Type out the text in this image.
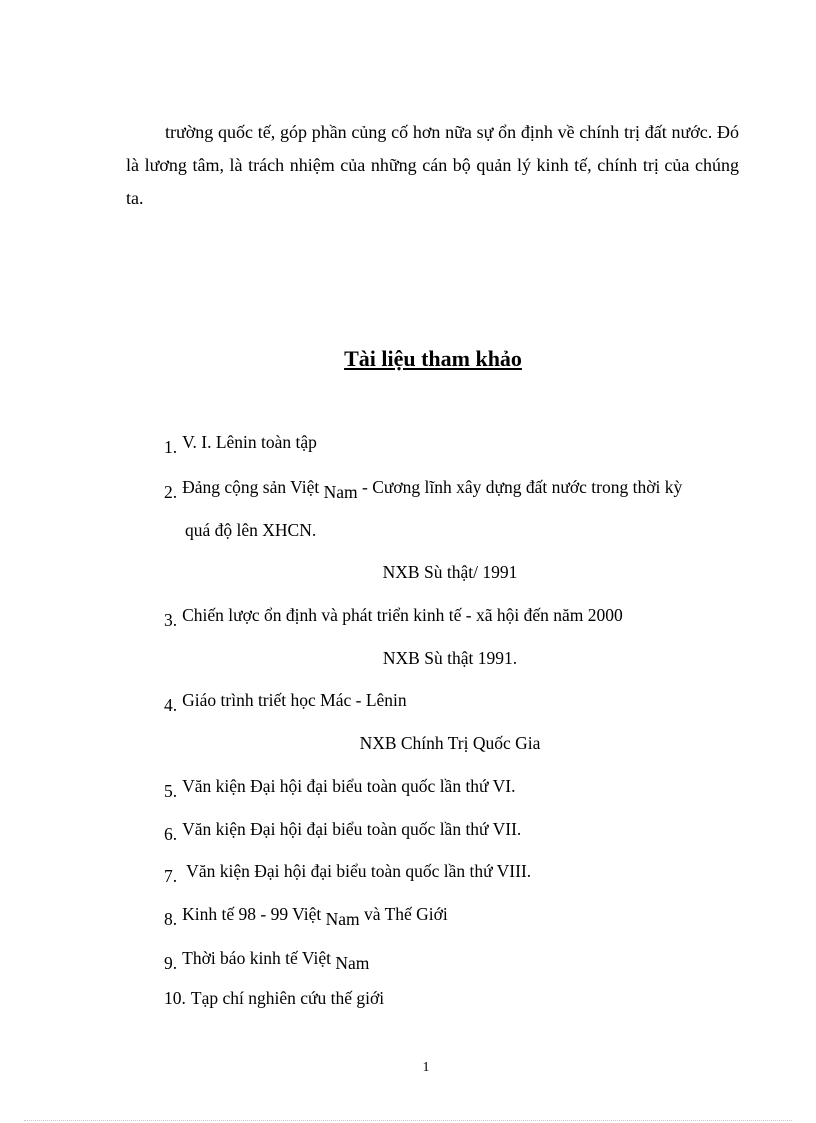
trường quốc tế, góp phần củng cố hơn nữa sự ổn định về chính trị đất nước. Đó là lương tâm, là trách nhiệm của những cán bộ quản lý kinh tế, chính trị của chúng ta.

Tài liệu tham khảo
1. V. I. Lênin toàn tập
2. Đảng cộng sản Việt Nam - Cương lĩnh xây dựng đất nước trong thời kỳ
quá độ lên XHCN.
NXB Sù thật/ 1991
3. Chiến lược ổn định và phát triển kinh tế - xã hội đến năm 2000
NXB Sù thật 1991.
4. Giáo trình triết học Mác - Lênin
NXB Chính Trị Quốc Gia
5. Văn kiện Đại hội đại biểu toàn quốc lần thứ VI.
6. Văn kiện Đại hội đại biểu toàn quốc lần thứ VII.
7. Văn kiện Đại hội đại biểu toàn quốc lần thứ VIII.
8. Kinh tế 98 - 99 Việt Nam và Thế Giới
9. Thời báo kinh tế Việt Nam
10. Tạp chí nghiên cứu thế giới
1
